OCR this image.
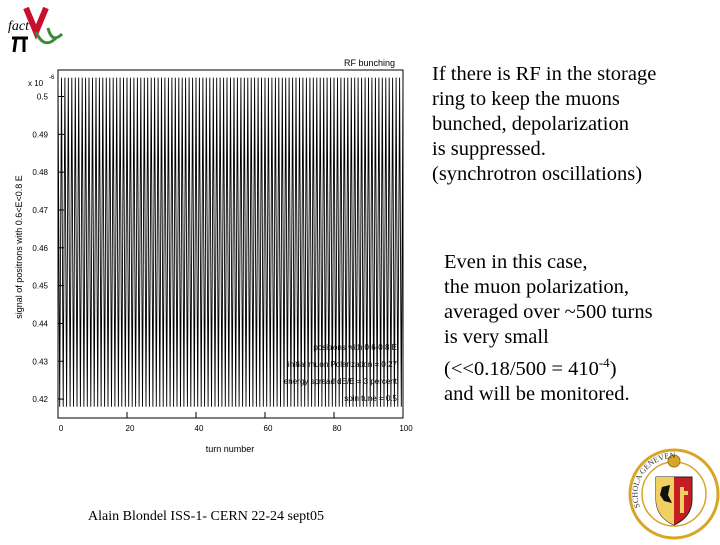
fact
RF bunching
x 10
-6
0.42
0.43
0.44
0.45
0.46
0.47
0.48
0.49
0.5
0	20	40	60	80	100
positrons with 0.6-0.8 E
initial muon Polarization = 0.27
energy spread dE/E = 3 percent
spin tune = 0.5
turn number
signal of positrons with 0.6<E<0.8 E
If there is RF in the storage
ring to keep the muons
bunched, depolarization
is suppressed.
(synchrotron oscillations)
Even in this case,
the muon polarization,
averaged over ~500 turns
is very small
$(<<0.18/500 = 410^{-4})$
and will be monitored.
Alain Blondel ISS-1- CERN 22-24 sept05
SCHOLA GENEVEN
